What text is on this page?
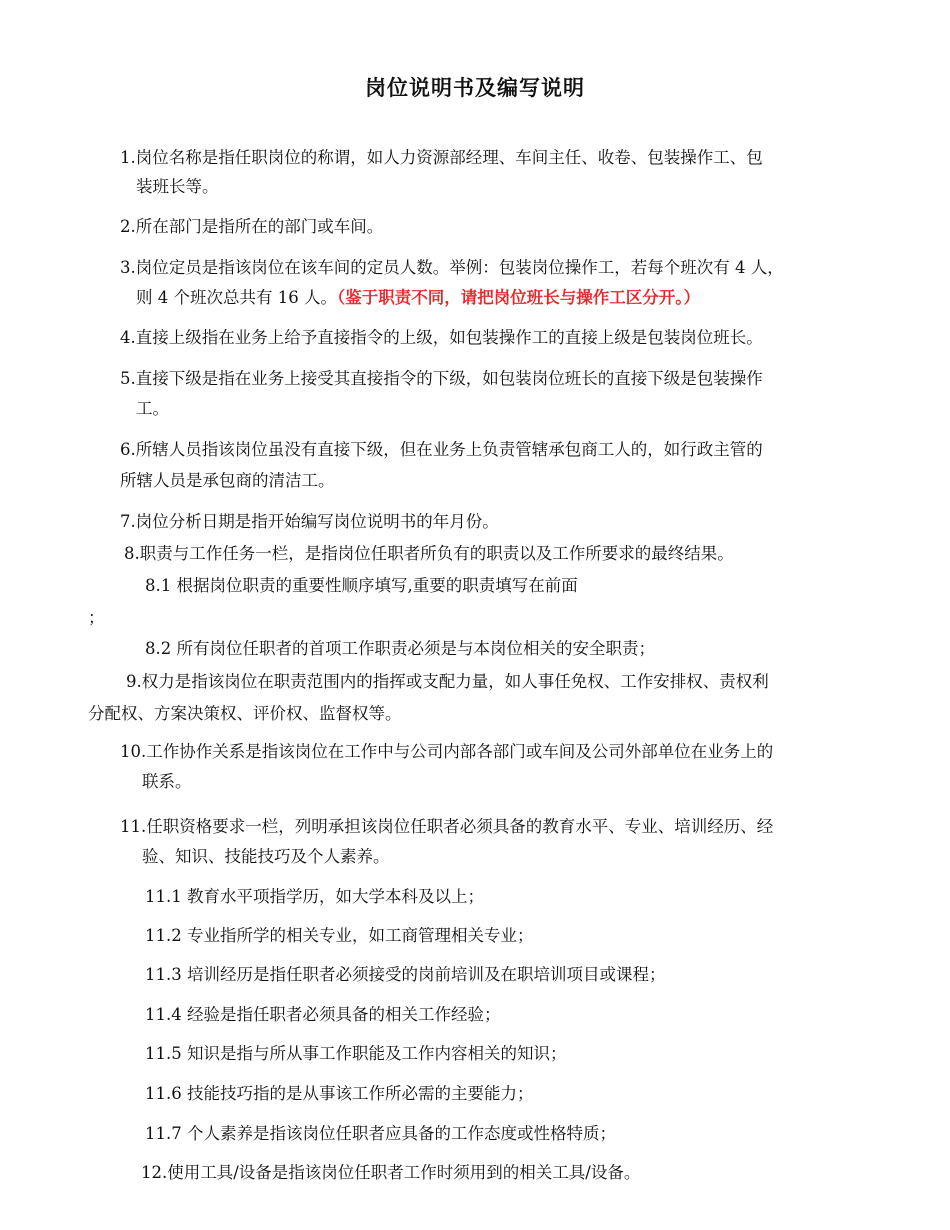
岗位说明书及编写说明
1.岗位名称是指任职岗位的称谓，如人力资源部经理、车间主任、收卷、包装操作工、包
装班长等。
2.所在部门是指所在的部门或车间。
3.岗位定员是指该岗位在该车间的定员人数。举例：包装岗位操作工，若每个班次有 4 人，
则 4 个班次总共有 16 人。（鉴于职责不同，请把岗位班长与操作工区分开。）
4.直接上级指在业务上给予直接指令的上级，如包装操作工的直接上级是包装岗位班长。
5.直接下级是指在业务上接受其直接指令的下级，如包装岗位班长的直接下级是包装操作
工。
6.所辖人员指该岗位虽没有直接下级，但在业务上负责管辖承包商工人的，如行政主管的
所辖人员是承包商的清洁工。
7.岗位分析日期是指开始编写岗位说明书的年月份。
8.职责与工作任务一栏，是指岗位任职者所负有的职责以及工作所要求的最终结果。
8.1 根据岗位职责的重要性顺序填写,重要的职责填写在前面
；
8.2 所有岗位任职者的首项工作职责必须是与本岗位相关的安全职责；
9.权力是指该岗位在职责范围内的指挥或支配力量，如人事任免权、工作安排权、责权利
分配权、方案决策权、评价权、监督权等。
10.工作协作关系是指该岗位在工作中与公司内部各部门或车间及公司外部单位在业务上的
联系。
11.任职资格要求一栏，列明承担该岗位任职者必须具备的教育水平、专业、培训经历、经
验、知识、技能技巧及个人素养。
11.1 教育水平项指学历，如大学本科及以上；
11.2 专业指所学的相关专业，如工商管理相关专业；
11.3 培训经历是指任职者必须接受的岗前培训及在职培训项目或课程；
11.4 经验是指任职者必须具备的相关工作经验；
11.5 知识是指与所从事工作职能及工作内容相关的知识；
11.6 技能技巧指的是从事该工作所必需的主要能力；
11.7 个人素养是指该岗位任职者应具备的工作态度或性格特质；
12.使用工具/设备是指该岗位任职者工作时须用到的相关工具/设备。
